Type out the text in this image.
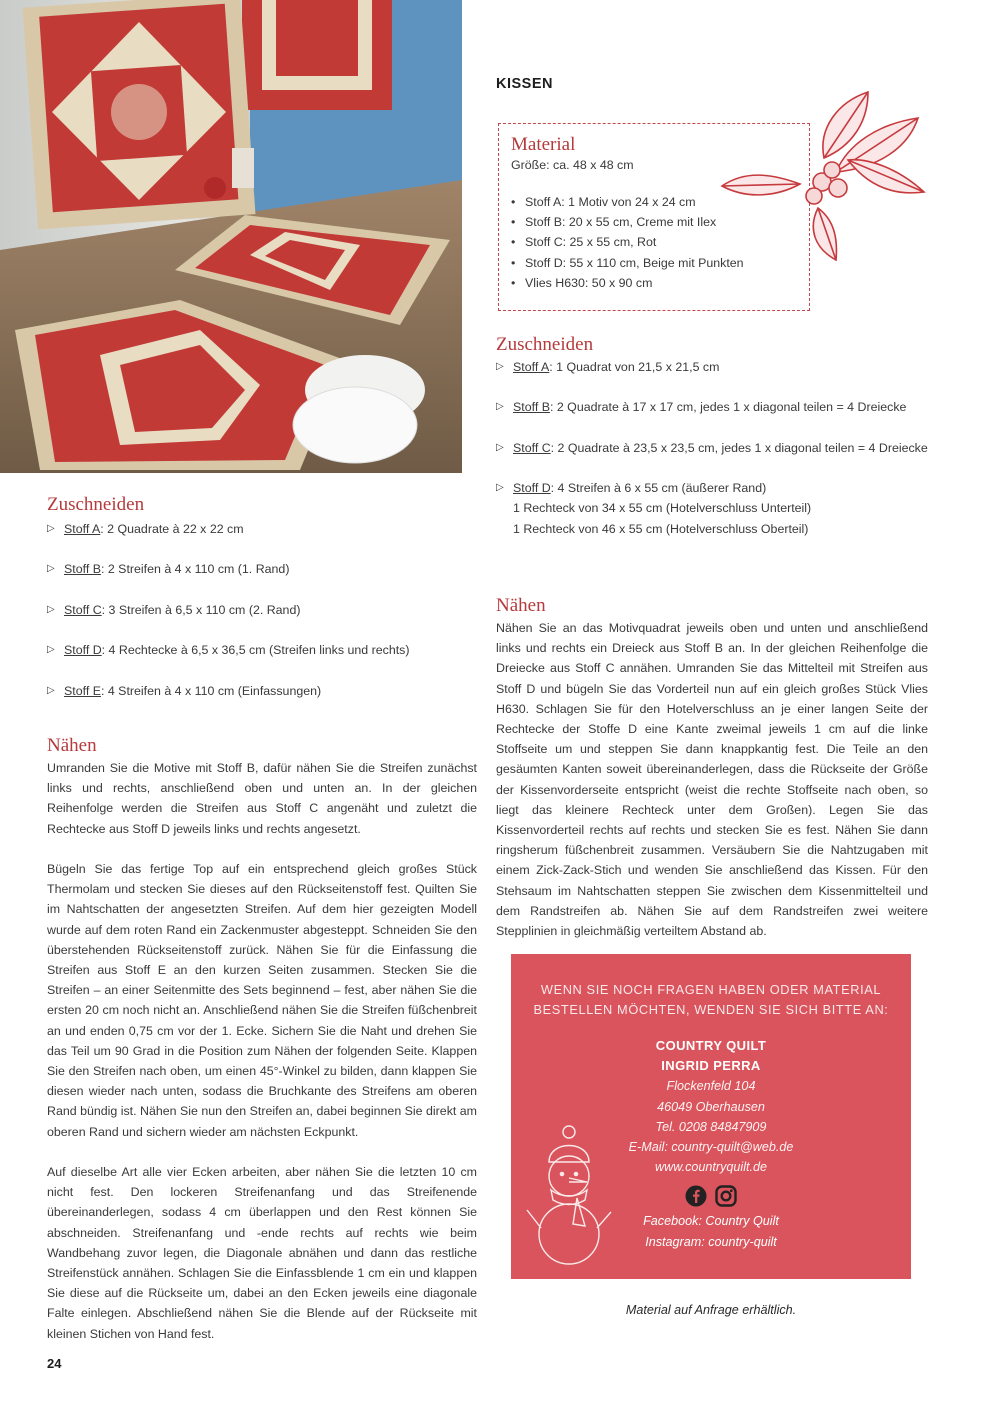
Zuschneiden
▷ Stoff A: 2 Quadrate à 22 x 22 cm
▷ Stoff B: 2 Streifen à 4 x 110 cm (1. Rand)
▷ Stoff C: 3 Streifen à 6,5 x 110 cm (2. Rand)
▷ Stoff D: 4 Rechtecke à 6,5 x 36,5 cm (Streifen links und rechts)
▷ Stoff E: 4 Streifen à 4 x 110 cm (Einfassungen)
Nähen

Umranden Sie die Motive mit Stoff B, dafür nähen Sie die Streifen zunächst links und rechts, anschließend oben und unten an. In der gleichen Reihenfolge werden die Streifen aus Stoff C angenäht und zuletzt die Rechtecke aus Stoff D jeweils links und rechts angesetzt.

Bügeln Sie das fertige Top auf ein entsprechend gleich großes Stück Thermolam und stecken Sie dieses auf den Rückseitenstoff fest. Quilten Sie im Nahtschatten der angesetzten Streifen. Auf dem hier gezeigten Modell wurde auf dem roten Rand ein Zackenmuster abgesteppt. Schneiden Sie den überstehenden Rückseitenstoff zurück. Nähen Sie für die Einfassung die Streifen aus Stoff E an den kurzen Seiten zusammen. Stecken Sie die Streifen – an einer Seitenmitte des Sets beginnend – fest, aber nähen Sie die ersten 20 cm noch nicht an. Anschließend nähen Sie die Streifen füßchenbreit an und enden 0,75 cm vor der 1. Ecke. Sichern Sie die Naht und drehen Sie das Teil um 90 Grad in die Position zum Nähen der folgenden Seite. Klappen Sie den Streifen nach oben, um einen 45°-Winkel zu bilden, dann klappen Sie diesen wieder nach unten, sodass die Bruchkante des Streifens am oberen Rand bündig ist. Nähen Sie nun den Streifen an, dabei beginnen Sie direkt am oberen Rand und sichern wieder am nächsten Eckpunkt.

Auf dieselbe Art alle vier Ecken arbeiten, aber nähen Sie die letzten 10 cm nicht fest. Den lockeren Streifenanfang und das Streifenende übereinanderlegen, sodass 4 cm überlappen und den Rest können Sie abschneiden. Streifenanfang und -ende rechts auf rechts wie beim Wandbehang zuvor legen, die Diagonale abnähen und dann das restliche Streifenstück annähen. Schlagen Sie die Einfassblende 1 cm ein und klappen Sie diese auf die Rückseite um, dabei an den Ecken jeweils eine diagonale Falte einlegen. Abschließend nähen Sie die Blende auf der Rückseite mit kleinen Stichen von Hand fest.

KISSEN
Material
Größe: ca. 48 x 48 cm
• Stoff A: 1 Motiv von 24 x 24 cm
• Stoff B: 20 x 55 cm, Creme mit Ilex
• Stoff C: 25 x 55 cm, Rot
• Stoff D: 55 x 110 cm, Beige mit Punkten
• Vlies H630: 50 x 90 cm
Zuschneiden
▷ Stoff A: 1 Quadrat von 21,5 x 21,5 cm
▷ Stoff B: 2 Quadrate à 17 x 17 cm, jedes 1 x diagonal teilen = 4 Dreiecke
▷ Stoff C: 2 Quadrate à 23,5 x 23,5 cm, jedes 1 x diagonal teilen = 4 Dreiecke
▷ Stoff D: 4 Streifen à 6 x 55 cm (äußerer Rand)
1 Rechteck von 34 x 55 cm (Hotelverschluss Unterteil)
1 Rechteck von 46 x 55 cm (Hotelverschluss Oberteil)
Nähen

Nähen Sie an das Motivquadrat jeweils oben und unten und anschließend links und rechts ein Dreieck aus Stoff B an. In der gleichen Reihenfolge die Dreiecke aus Stoff C annähen. Umranden Sie das Mittelteil mit Streifen aus Stoff D und bügeln Sie das Vorderteil nun auf ein gleich großes Stück Vlies H630. Schlagen Sie für den Hotelverschluss an je einer langen Seite der Rechtecke der Stoffe D eine Kante zweimal jeweils 1 cm auf die linke Stoffseite um und steppen Sie dann knappkantig fest. Die Teile an den gesäumten Kanten soweit übereinanderlegen, dass die Rückseite der Größe der Kissenvorderseite entspricht (weist die rechte Stoffseite nach oben, so liegt das kleinere Rechteck unter dem Großen). Legen Sie das Kissenvorderteil rechts auf rechts und stecken Sie es fest. Nähen Sie dann ringsherum füßchenbreit zusammen. Versäubern Sie die Nahtzugaben mit einem Zick-Zack-Stich und wenden Sie anschließend das Kissen. Für den Stehsaum im Nahtschatten steppen Sie zwischen dem Kissenmittelteil und dem Randstreifen ab. Nähen Sie auf dem Randstreifen zwei weitere Stepplinien in gleichmäßig verteiltem Abstand ab.

WENN SIE NOCH FRAGEN HABEN ODER MATERIAL
BESTELLEN MÖCHTEN, WENDEN SIE SICH BITTE AN:
COUNTRY QUILT
INGRID PERRA
Flockenfeld 104
46049 Oberhausen
Tel. 0208 84847909
E-Mail: country-quilt@web.de
www.countryquilt.de
Facebook: Country Quilt
Instagram: country-quilt
Material auf Anfrage erhältlich.
24
